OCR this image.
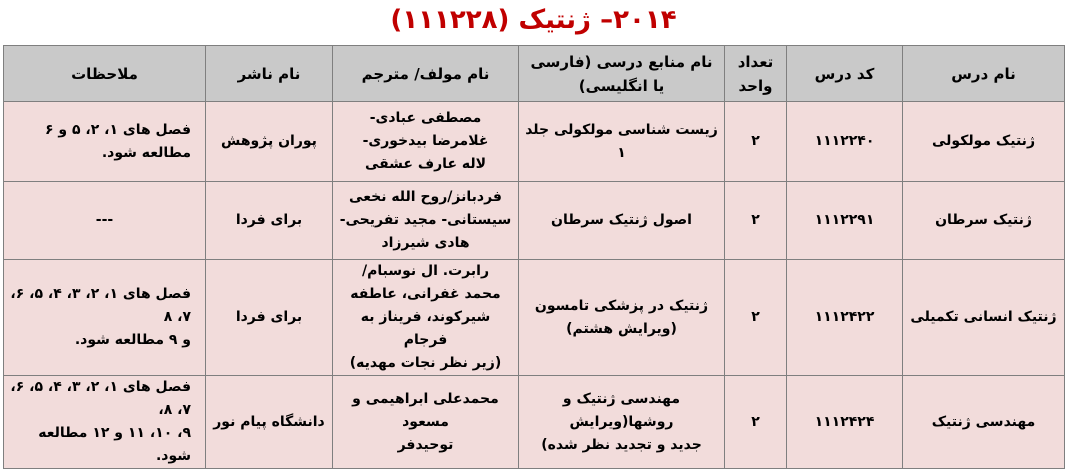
۲۰۱۴– ژنتیک (۱۱۱۲۲۸)
نام درس	کد درس	تعداد
واحد	نام منابع درسی (فارسی یا انگلیسی)	نام مولف/ مترجم	نام ناشر	ملاحظات

ژنتیک مولکولی	۱۱۱۲۲۴۰	۲	زیست شناسی مولکولی جلد ۱	مصطفی عبادی-
غلامرضا بیدخوری-
لاله عارف عشقی	پوران پژوهش	فصل های ۱، ۲، ۵ و ۶
مطالعه شود.

ژنتیک سرطان	۱۱۱۲۲۹۱	۲	اصول ژنتیک سرطان	فردبانز/روح الله نخعی
سیستانی- مجید تفریحی-
هادی شیرزاد	برای فردا	---

ژنتیک انسانی تکمیلی	۱۱۱۲۴۲۲	۲	ژنتیک در پزشکی تامسون
(ویرایش هشتم)	رابرت. ال نوسبام/
محمد غفرانی، عاطفه
شیرکوند، فریناز به فرجام
(زیر نظر نجات مهدیه)	برای فردا	فصل های ۱، ۲، ۳، ۴، ۵، ۶، ۷، ۸
و ۹ مطالعه شود.

مهندسی ژنتیک	۱۱۱۲۴۲۴	۲	مهندسی ژنتیک و روشها(ویرایش
جدید و تجدید نظر شده)	محمدعلی ابراهیمی و مسعود
توحیدفر	دانشگاه پیام نور	فصل های ۱، ۲، ۳، ۴، ۵، ۶، ۷، ۸،
۹، ۱۰، ۱۱ و ۱۲ مطالعه شود.
